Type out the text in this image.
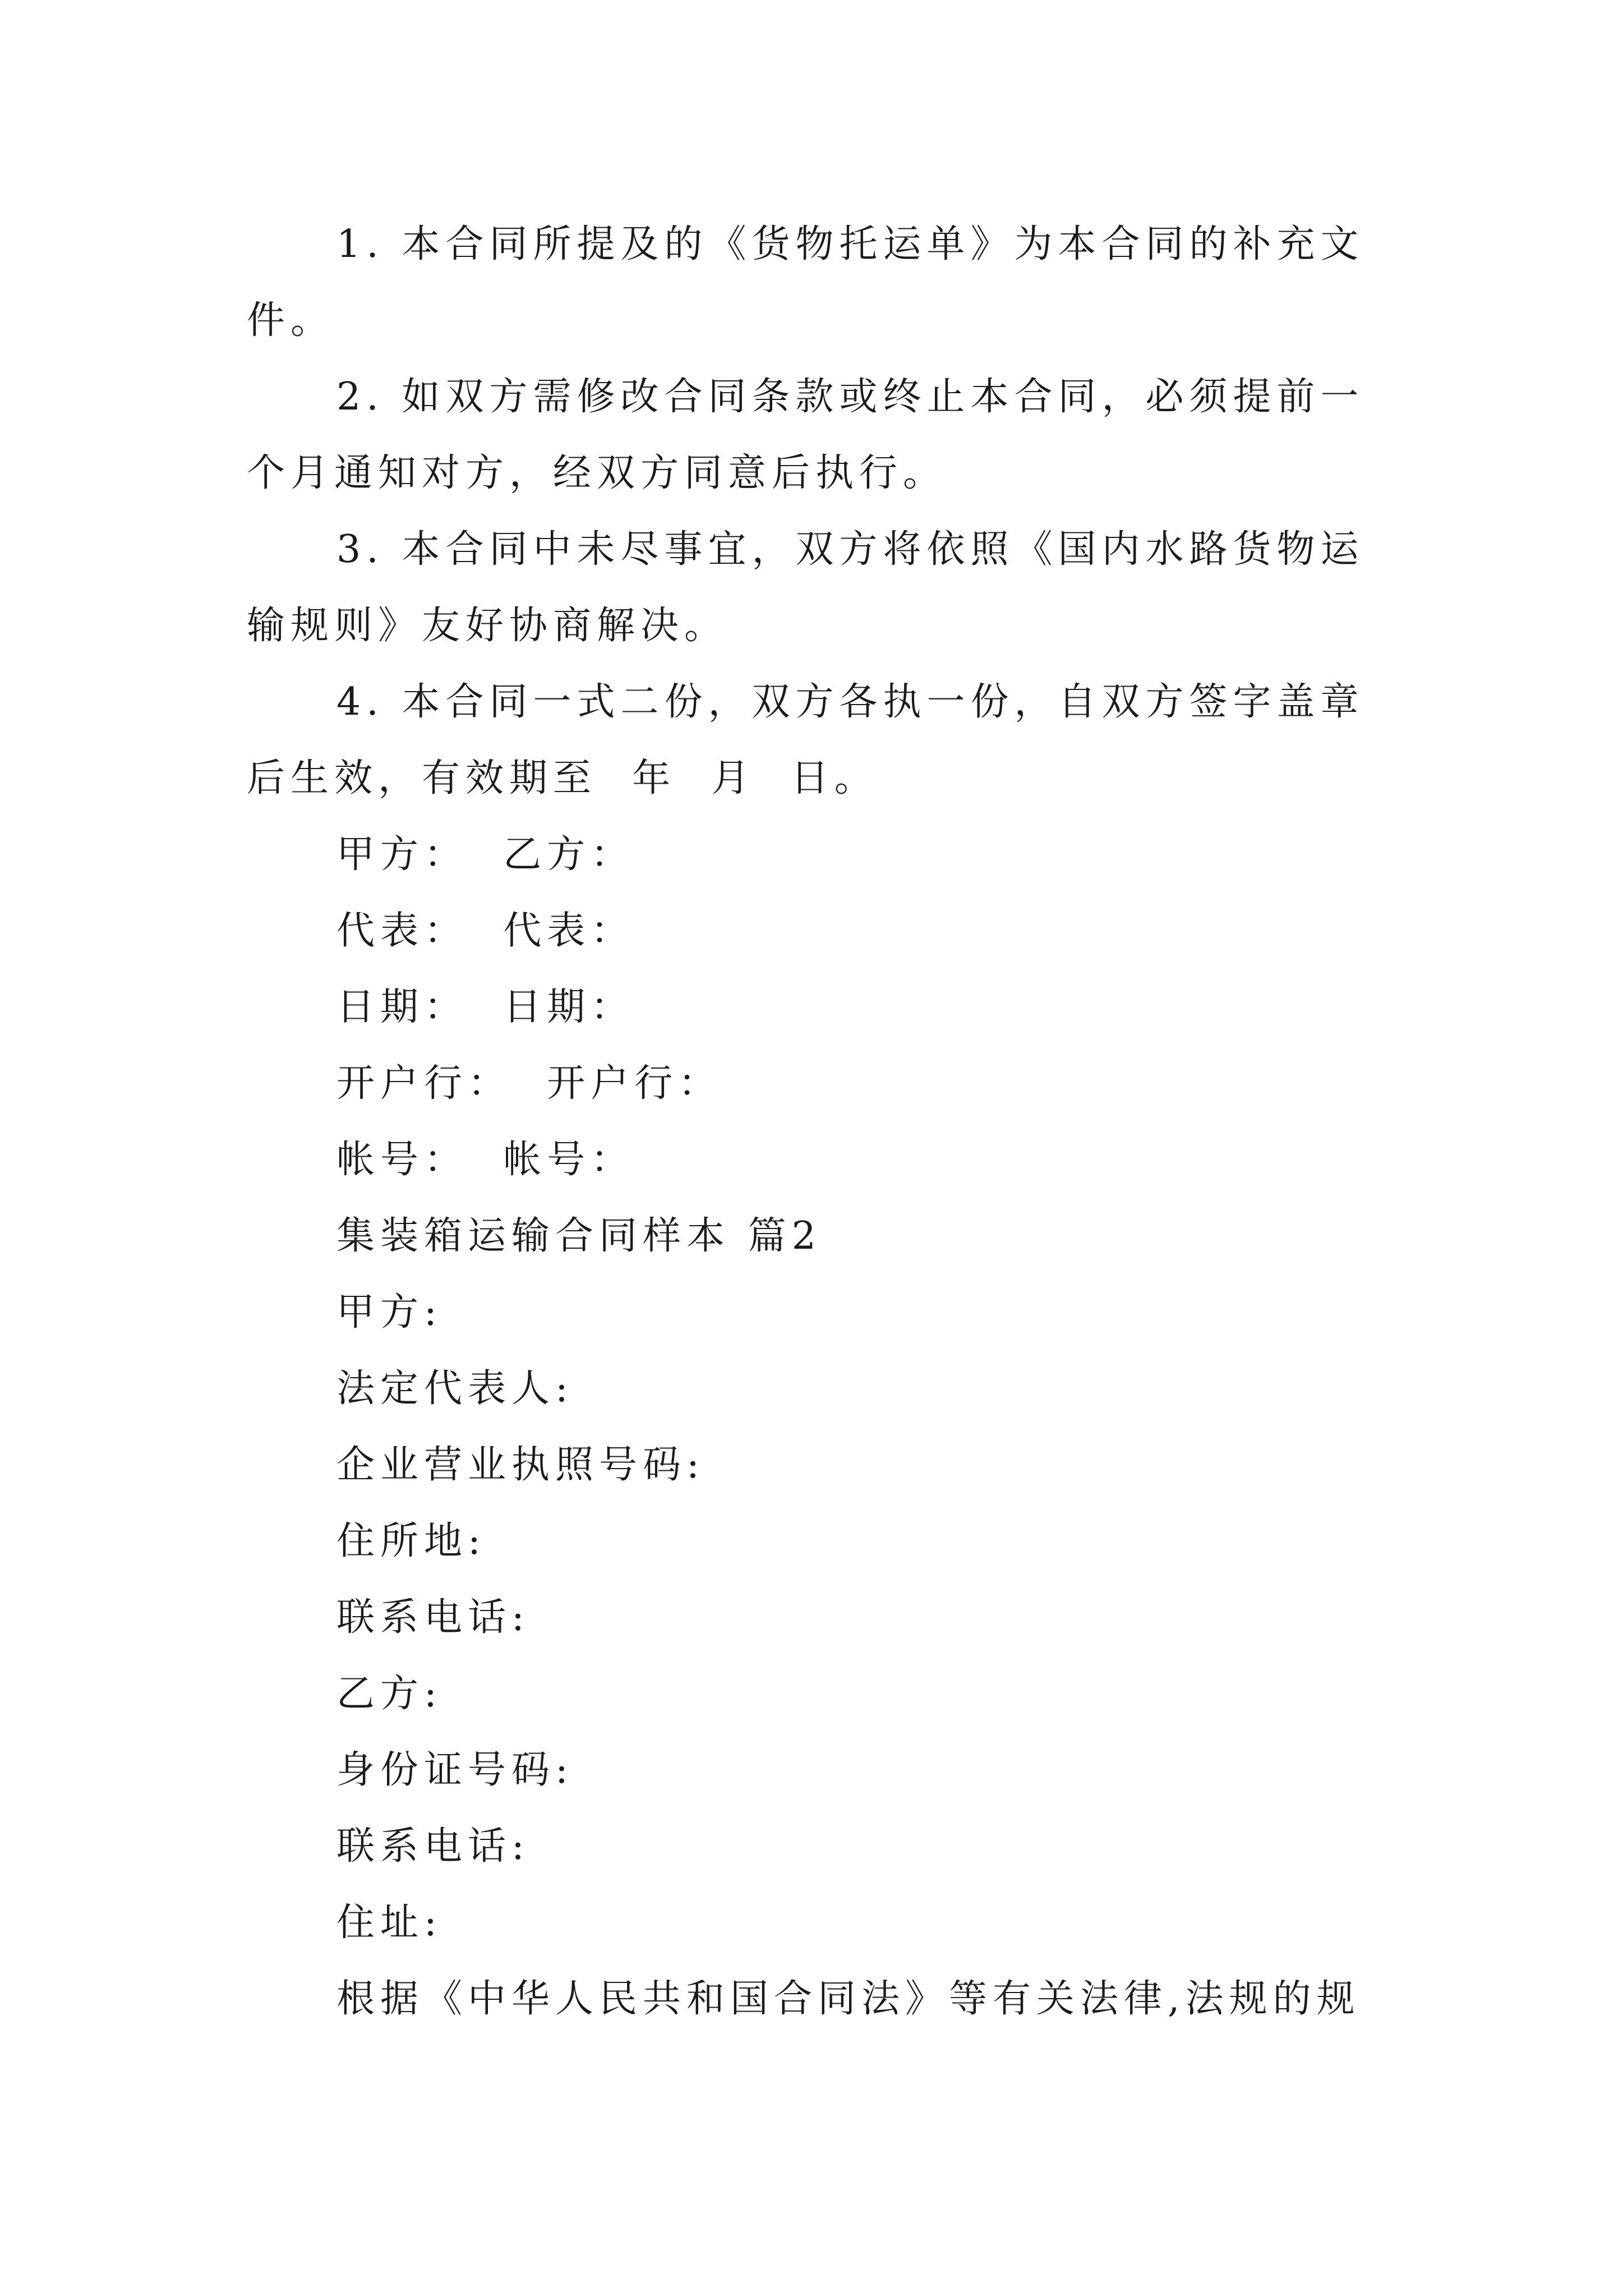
1. 本合同所提及的《货物托运单》为本合同的补充文
件。
2. 如双方需修改合同条款或终止本合同，必须提前一
个月通知对方，经双方同意后执行。
3. 本合同中未尽事宜，双方将依照《国内水路货物运
输规则》友好协商解决。
4. 本合同一式二份，双方各执一份，自双方签字盖章
后生效，有效期至  年  月  日。
甲方：  乙方：
代表：  代表：
日期：  日期：
开户行：  开户行：
帐号：  帐号：
集装箱运输合同样本 篇2
甲方:
法定代表人:
企业营业执照号码:
住所地:
联系电话:
乙方:
身份证号码:
联系电话:
住址:
根据《中华人民共和国合同法》等有关法律,法规的规
